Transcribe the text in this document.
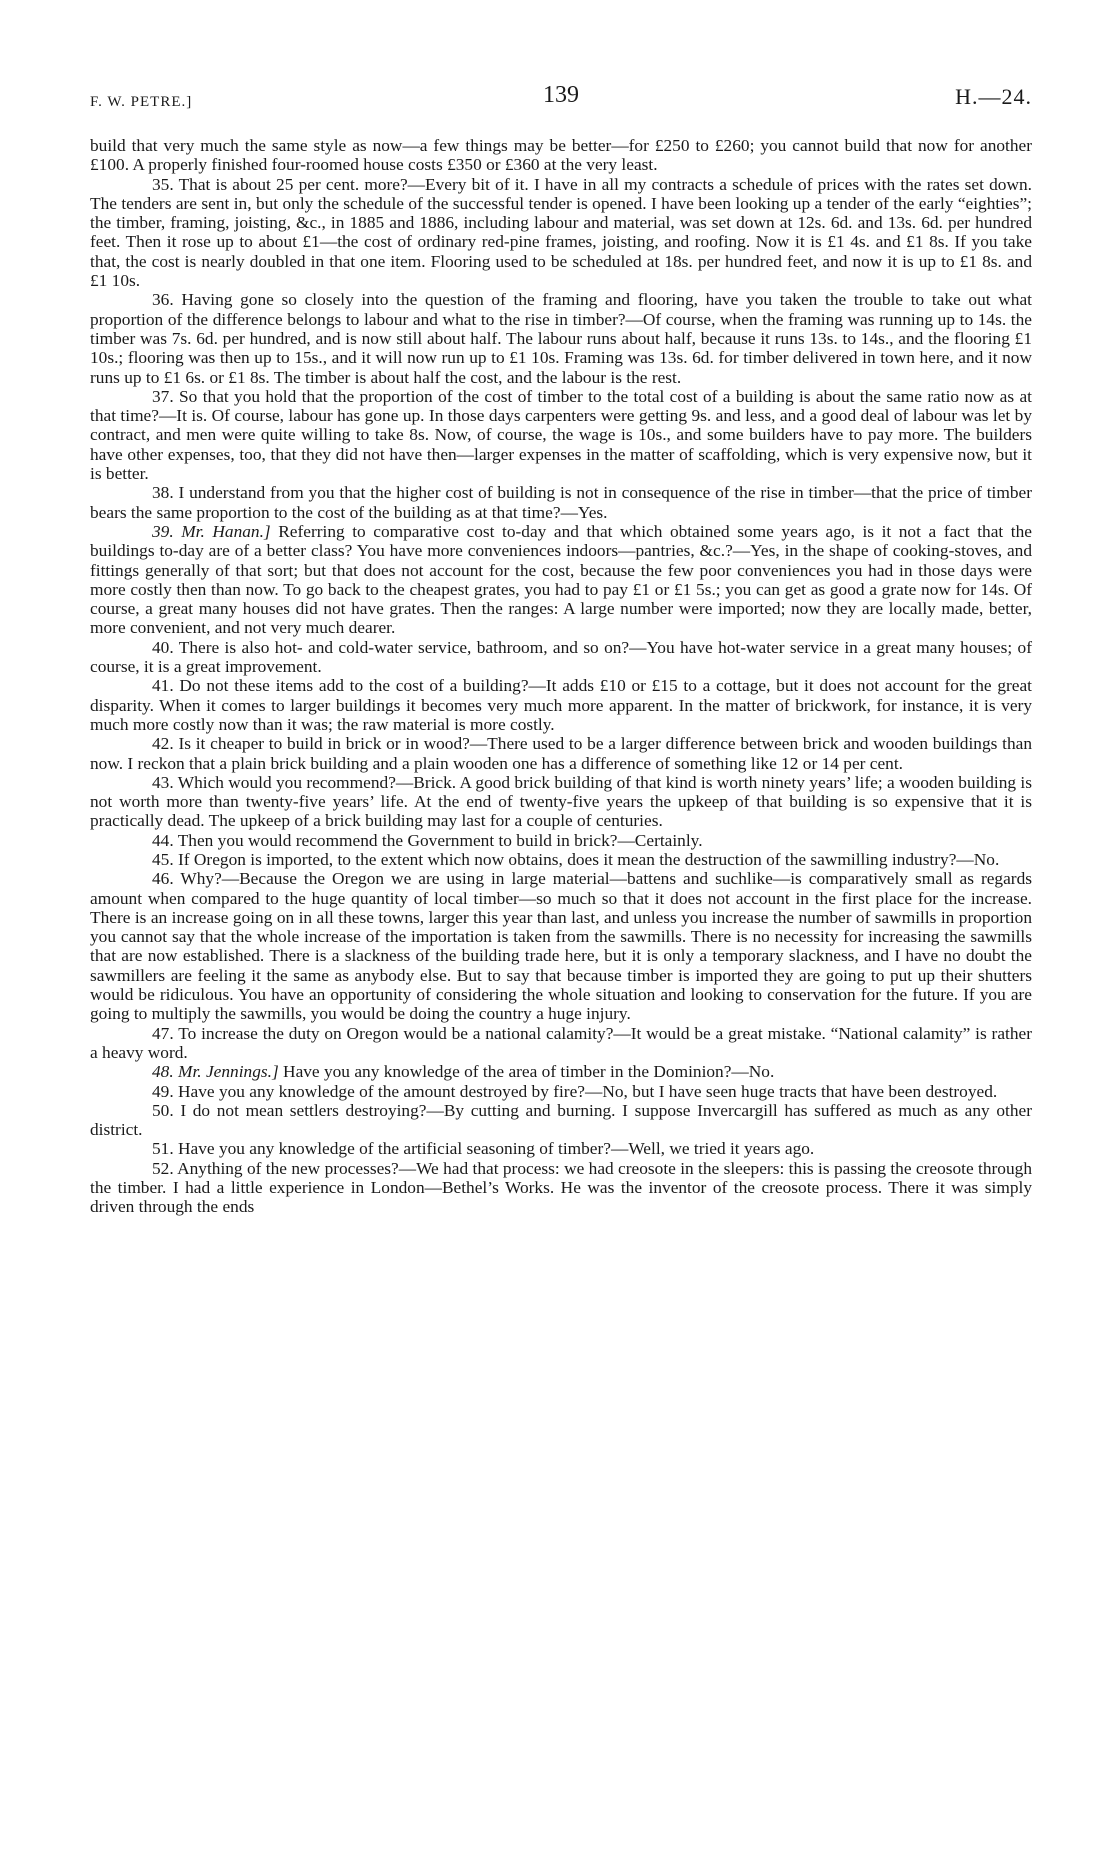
F. W. PETRE.]	139	H.—24.

build that very much the same style as now—a few things may be better—for £250 to £260; you cannot build that now for another £100. A properly finished four-roomed house costs £350 or £360 at the very least.

35. That is about 25 per cent. more?—Every bit of it. I have in all my contracts a schedule of prices with the rates set down. The tenders are sent in, but only the schedule of the successful tender is opened. I have been looking up a tender of the early “eighties”; the timber, framing, joisting, &c., in 1885 and 1886, including labour and material, was set down at 12s. 6d. and 13s. 6d. per hundred feet. Then it rose up to about £1—the cost of ordinary red-pine frames, joisting, and roofing. Now it is £1 4s. and £1 8s. If you take that, the cost is nearly doubled in that one item. Flooring used to be scheduled at 18s. per hundred feet, and now it is up to £1 8s. and £1 10s.

36. Having gone so closely into the question of the framing and flooring, have you taken the trouble to take out what proportion of the difference belongs to labour and what to the rise in timber?—Of course, when the framing was running up to 14s. the timber was 7s. 6d. per hundred, and is now still about half. The labour runs about half, because it runs 13s. to 14s., and the flooring £1 10s.; flooring was then up to 15s., and it will now run up to £1 10s. Framing was 13s. 6d. for timber delivered in town here, and it now runs up to £1 6s. or £1 8s. The timber is about half the cost, and the labour is the rest.

37. So that you hold that the proportion of the cost of timber to the total cost of a building is about the same ratio now as at that time?—It is. Of course, labour has gone up. In those days carpenters were getting 9s. and less, and a good deal of labour was let by contract, and men were quite willing to take 8s. Now, of course, the wage is 10s., and some builders have to pay more. The builders have other expenses, too, that they did not have then—larger expenses in the matter of scaffolding, which is very expensive now, but it is better.

38. I understand from you that the higher cost of building is not in consequence of the rise in timber—that the price of timber bears the same proportion to the cost of the building as at that time?—Yes.

39. Mr. Hanan.] Referring to comparative cost to-day and that which obtained some years ago, is it not a fact that the buildings to-day are of a better class? You have more conveniences indoors—pantries, &c.?—Yes, in the shape of cooking-stoves, and fittings generally of that sort; but that does not account for the cost, because the few poor conveniences you had in those days were more costly then than now. To go back to the cheapest grates, you had to pay £1 or £1 5s.; you can get as good a grate now for 14s. Of course, a great many houses did not have grates. Then the ranges: A large number were imported; now they are locally made, better, more convenient, and not very much dearer.

40. There is also hot- and cold-water service, bathroom, and so on?—You have hot-water service in a great many houses; of course, it is a great improvement.

41. Do not these items add to the cost of a building?—It adds £10 or £15 to a cottage, but it does not account for the great disparity. When it comes to larger buildings it becomes very much more apparent. In the matter of brickwork, for instance, it is very much more costly now than it was; the raw material is more costly.

42. Is it cheaper to build in brick or in wood?—There used to be a larger difference between brick and wooden buildings than now. I reckon that a plain brick building and a plain wooden one has a difference of something like 12 or 14 per cent.

43. Which would you recommend?—Brick. A good brick building of that kind is worth ninety years’ life; a wooden building is not worth more than twenty-five years’ life. At the end of twenty-five years the upkeep of that building is so expensive that it is practically dead. The upkeep of a brick building may last for a couple of centuries.

44. Then you would recommend the Government to build in brick?—Certainly.

45. If Oregon is imported, to the extent which now obtains, does it mean the destruction of the sawmilling industry?—No.

46. Why?—Because the Oregon we are using in large material—battens and suchlike—is comparatively small as regards amount when compared to the huge quantity of local timber—so much so that it does not account in the first place for the increase. There is an increase going on in all these towns, larger this year than last, and unless you increase the number of sawmills in proportion you cannot say that the whole increase of the importation is taken from the sawmills. There is no necessity for increasing the sawmills that are now established. There is a slackness of the building trade here, but it is only a temporary slackness, and I have no doubt the sawmillers are feeling it the same as anybody else. But to say that because timber is imported they are going to put up their shutters would be ridiculous. You have an opportunity of considering the whole situation and looking to conservation for the future. If you are going to multiply the sawmills, you would be doing the country a huge injury.

47. To increase the duty on Oregon would be a national calamity?—It would be a great mistake. “National calamity” is rather a heavy word.

48. Mr. Jennings.] Have you any knowledge of the area of timber in the Dominion?—No.

49. Have you any knowledge of the amount destroyed by fire?—No, but I have seen huge tracts that have been destroyed.

50. I do not mean settlers destroying?—By cutting and burning. I suppose Invercargill has suffered as much as any other district.

51. Have you any knowledge of the artificial seasoning of timber?—Well, we tried it years ago.

52. Anything of the new processes?—We had that process: we had creosote in the sleepers: this is passing the creosote through the timber. I had a little experience in London—Bethel’s Works. He was the inventor of the creosote process. There it was simply driven through the ends
